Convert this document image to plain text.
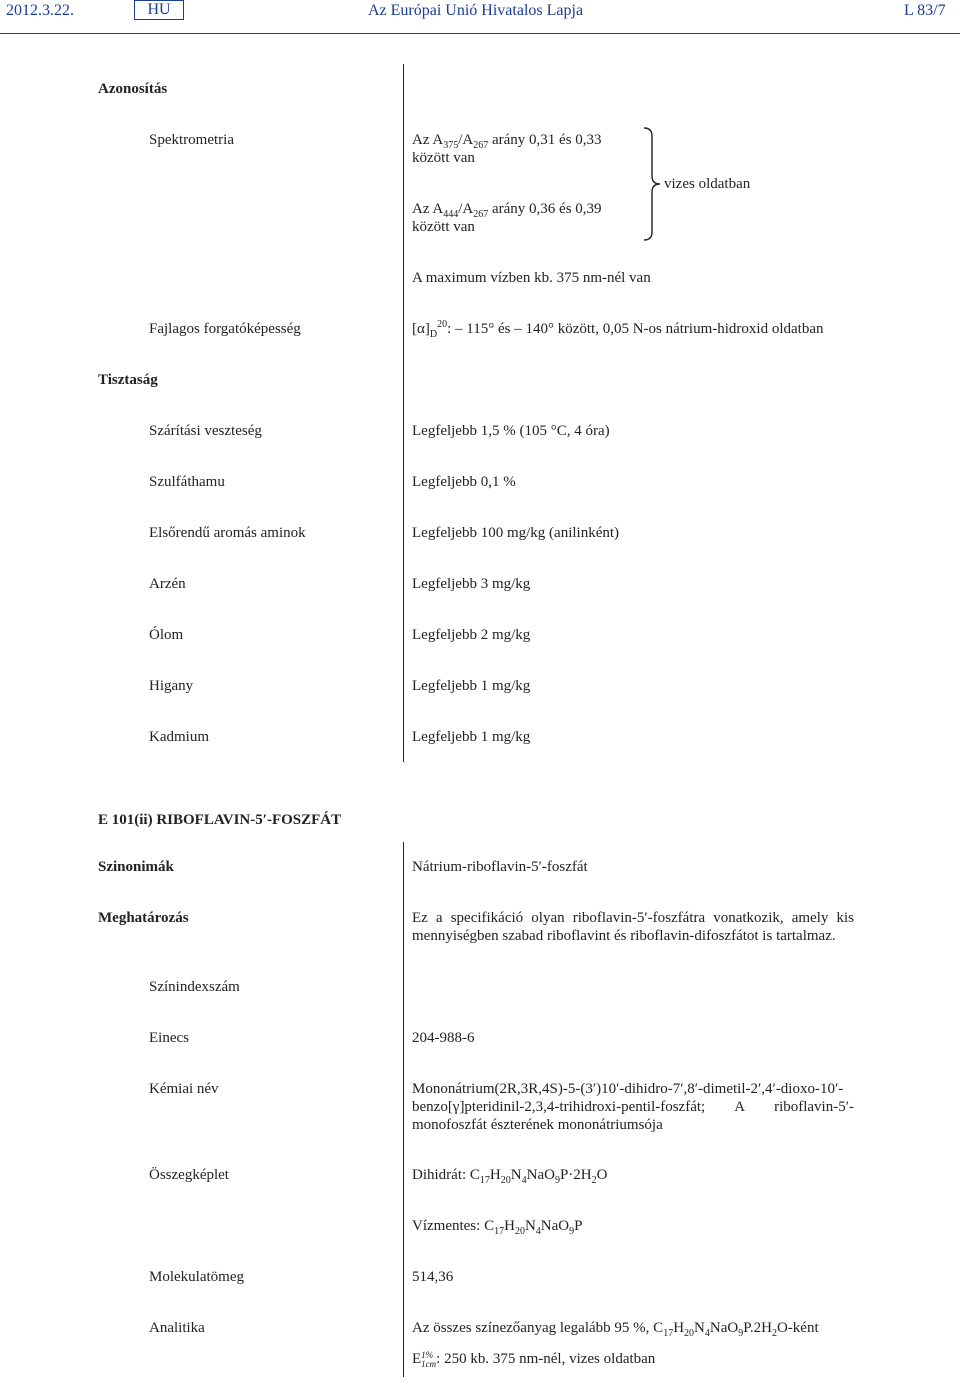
2012.3.22.	HU	Az Európai Unió Hivatalos Lapja	L 83/7
Azonosítás
Spektrometria	Az $A_{375}/A_{267}$ arány 0,31 és 0,33
között van
Az $A_{444}/A_{267}$ arány 0,36 és 0,39
között van
vizes oldatban
A maximum vízben kb. 375 nm-nél van
Fajlagos forgatóképesség	$[\alpha]_D^{20}$: – 115° és – 140° között, 0,05 N-os nátrium-hidroxid oldatban
Tisztaság
Szárítási veszteség	Legfeljebb 1,5 % (105 °C, 4 óra)
Szulfáthamu	Legfeljebb 0,1 %
Elsőrendű aromás aminok	Legfeljebb 100 mg/kg (anilinként)
Arzén	Legfeljebb 3 mg/kg
Ólom	Legfeljebb 2 mg/kg
Higany	Legfeljebb 1 mg/kg
Kadmium	Legfeljebb 1 mg/kg
E 101(ii) RIBOFLAVIN-5′-FOSZFÁT
Szinonimák	Nátrium-riboflavin-5′-foszfát
Meghatározás	Ez a specifikáció olyan riboflavin-5′-foszfátra vonatkozik, amely kis mennyiségben szabad riboflavint és riboflavin-difoszfátot is tartalmaz.
Színindexszám
Einecs	204-988-6
Kémiai név	Mononátrium(2R,3R,4S)-5-(3′)10′-dihidro-7′,8′-dimetil-2′,4′-dioxo-10′-benzo[γ]pteridinil-2,3,4-trihidroxi-pentil-foszfát; A riboflavin-5′-monofoszfát észterének mononátriumsója
Összegképlet	Dihidrát: $C_{17}H_{20}N_4NaO_9P\cdot 2H_2O$
Vízmentes: $C_{17}H_{20}N_4NaO_9P$
Molekulatömeg	514,36
Analitika	Az összes színezőanyag legalább 95 %, $C_{17}H_{20}N_4NaO_9P.2H_2O$-ként
E 1%
1cm : 250 kb. 375 nm-nél, vizes oldatban
